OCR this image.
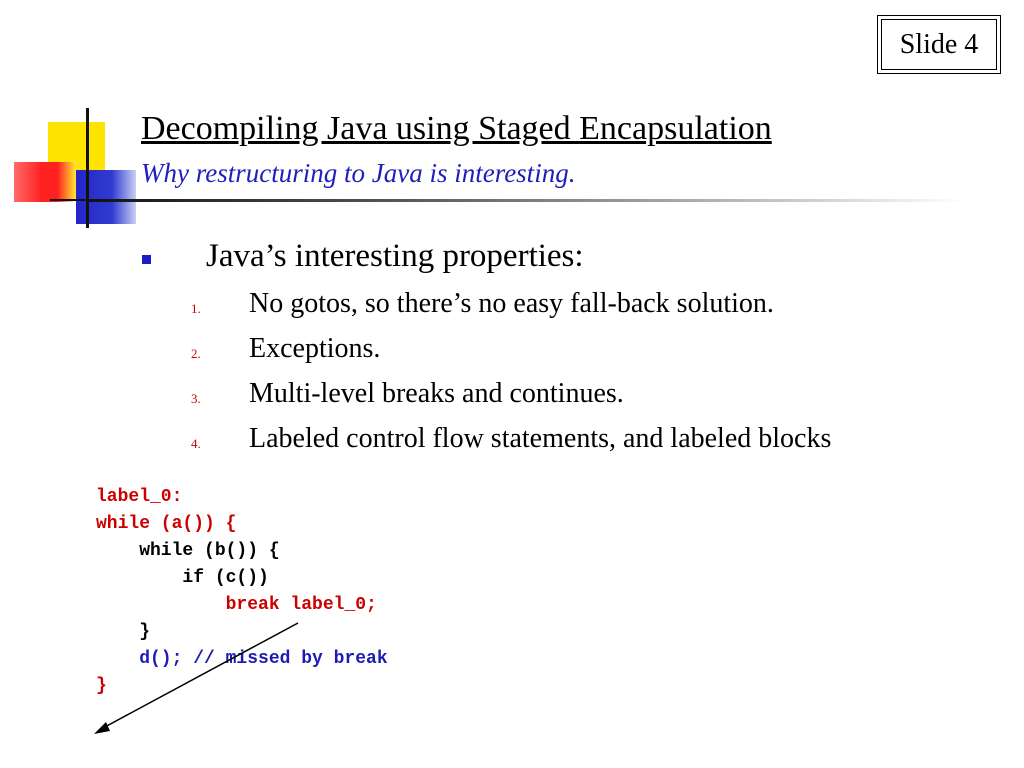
Slide 4
Decompiling Java using Staged Encapsulation
Why restructuring to Java is interesting.
Java’s interesting properties:
1.	No gotos, so there’s no easy fall-back solution.
2.	Exceptions.
3.	Multi-level breaks and continues.
4.	Labeled control flow statements, and labeled blocks
label_0:
while (a()) {
while (b()) {
if (c())
break label_0;
}
d(); // missed by break
}
